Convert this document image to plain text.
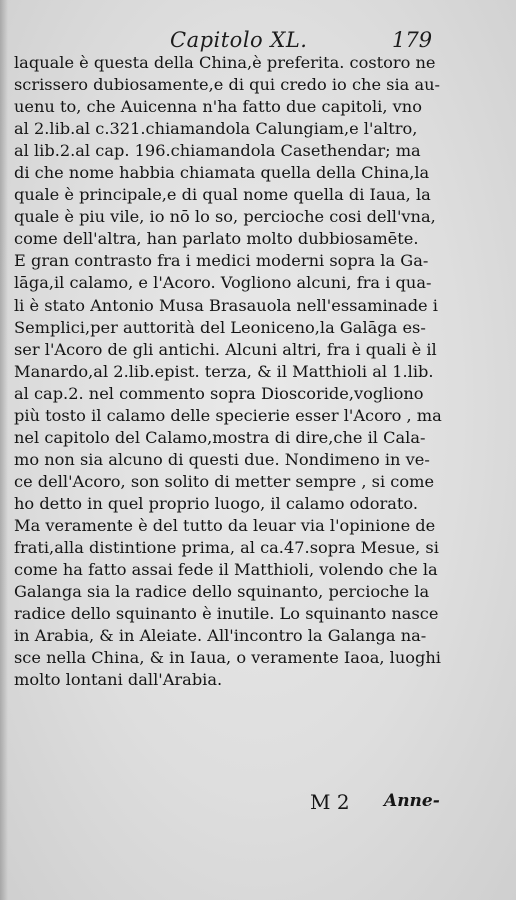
Capitolo XL.	179
laquale è questa della China,è preferita. costoro ne
scrissero dubiosamente,e di qui credo io che sia au-
uenu to, che Auicenna n'ha fatto due capitoli, vno
al 2.lib.al c.321.chiamandola Calungiam,e l'altro,
al lib.2.al cap. 196.chiamandola Casethendar; ma
di che nome habbia chiamata quella della China,la
quale è principale,e di qual nome quella di Iaua, la
quale è piu vile, io nō lo so, percioche cosi dell'vna,
come dell'altra, han parlato molto dubbiosamēte.
E gran contrasto fra i medici moderni sopra la Ga-
lāga,il calamo, e l'Acoro. Vogliono alcuni, fra i qua-
li è stato Antonio Musa Brasauola nell'essaminade i
Semplici,per auttorità del Leoniceno,la Galāga es-
ser l'Acoro de gli antichi. Alcuni altri, fra i quali è il
Manardo,al 2.lib.epist. terza, & il Matthioli al 1.lib.
al cap.2. nel commento sopra Dioscoride,vogliono
più tosto il calamo delle specierie esser l'Acoro , ma
nel capitolo del Calamo,mostra di dire,che il Cala-
mo non sia alcuno di questi due. Nondimeno in ve-
ce dell'Acoro, son solito di metter sempre , si come
ho detto in quel proprio luogo, il calamo odorato.
Ma veramente è del tutto da leuar via l'opinione de
frati,alla distintione prima, al ca.47.sopra Mesue, si
come ha fatto assai fede il Matthioli, volendo che la
Galanga sia la radice dello squinanto, percioche la
radice dello squinanto è inutile. Lo squinanto nasce
in Arabia, & in Aleiate. All'incontro la Galanga na-
sce nella China, & in Iaua, o veramente Iaoa, luoghi
molto lontani dall'Arabia.
M 2 Anne-
